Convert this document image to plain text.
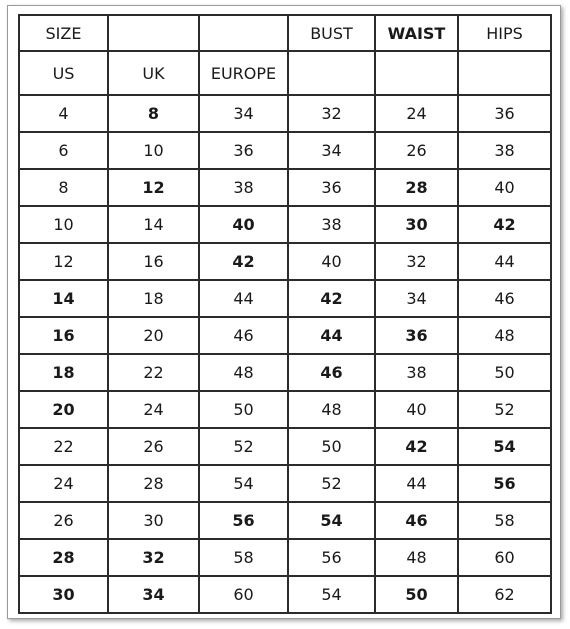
SIZE			BUST	WAIST	HIPS
US	UK	EUROPE			
4	8	34	32	24	36
6	10	36	34	26	38
8	12	38	36	28	40
10	14	40	38	30	42
12	16	42	40	32	44
14	18	44	42	34	46
16	20	46	44	36	48
18	22	48	46	38	50
20	24	50	48	40	52
22	26	52	50	42	54
24	28	54	52	44	56
26	30	56	54	46	58
28	32	58	56	48	60
30	34	60	54	50	62
